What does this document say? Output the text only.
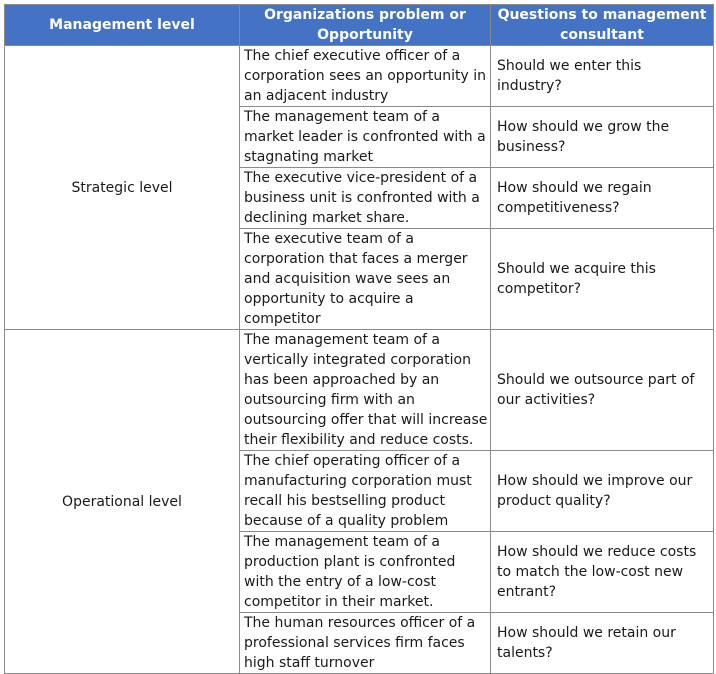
Management level	Organizations problem or Opportunity	Questions to management consultant
Strategic level	The chief executive officer of a corporation sees an opportunity in an adjacent industry	Should we enter this industry?
	The management team of a market leader is confronted with a stagnating market	How should we grow the business?
	The executive vice-president of a business unit is confronted with a declining market share.	How should we regain competitiveness?
	The executive team of a corporation that faces a merger and acquisition wave sees an opportunity to acquire a competitor	Should we acquire this competitor?
Operational level	The management team of a vertically integrated corporation has been approached by an outsourcing firm with an outsourcing offer that will increase their flexibility and reduce costs.	Should we outsource part of our activities?
	The chief operating officer of a manufacturing corporation must recall his bestselling product because of a quality problem	How should we improve our product quality?
	The management team of a production plant is confronted with the entry of a low-cost competitor in their market.	How should we reduce costs to match the low-cost new entrant?
	The human resources officer of a professional services firm faces high staff turnover	How should we retain our talents?
